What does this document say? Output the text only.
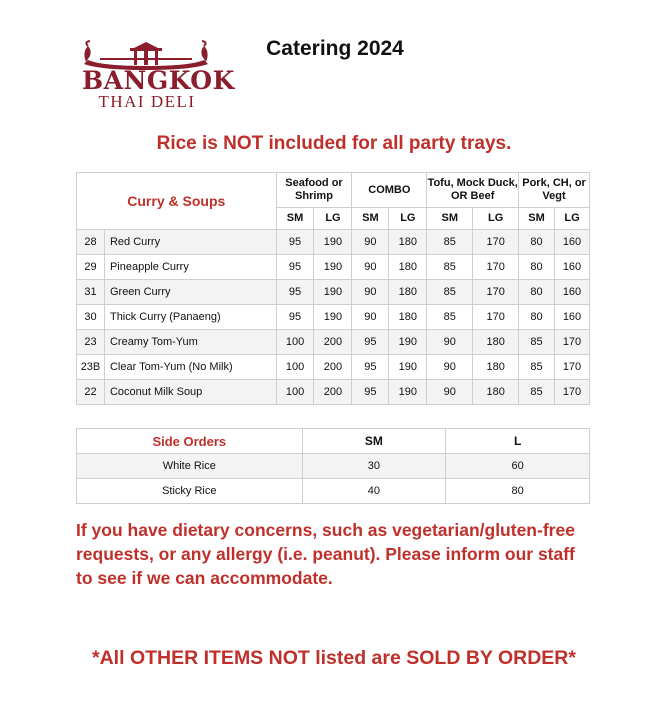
BANGKOK
THAI DELI
Catering 2024
Rice is NOT included for all party trays.
Curry & Soups		Seafood or Shrimp		COMBO		Tofu, Mock Duck, OR Beef		Pork, CH, or Vegt	
		SM	LG	SM	LG	SM	LG	SM	LG
28	Red Curry	95	190	90	180	85	170	80	160
29	Pineapple Curry	95	190	90	180	85	170	80	160
31	Green Curry	95	190	90	180	85	170	80	160
30	Thick Curry (Panaeng)	95	190	90	180	85	170	80	160
23	Creamy Tom-Yum	100	200	95	190	90	180	85	170
23B	Clear Tom-Yum (No Milk)	100	200	95	190	90	180	85	170
22	Coconut Milk Soup	100	200	95	190	90	180	85	170
Side Orders	SM	L
White Rice	30	60
Sticky Rice	40	80
If you have dietary concerns, such as vegetarian/gluten-free requests, or any allergy (i.e. peanut). Please inform our staff to see if we can accommodate.
*All OTHER ITEMS NOT listed are SOLD BY ORDER*
